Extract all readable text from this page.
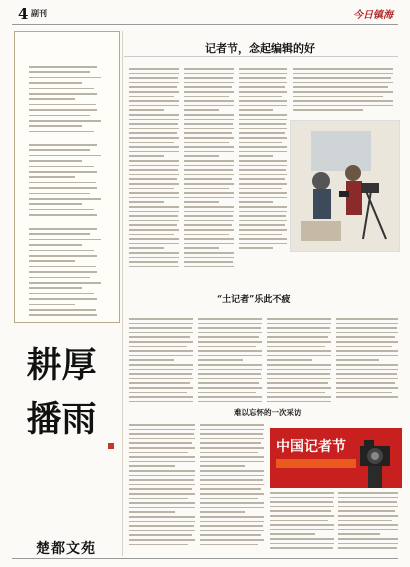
4 副刊	今日镇海
耕厚播雨
楚都文苑
记者节，念起编辑的好
“土记者”乐此不疲
难以忘怀的一次采访
中国记者节
